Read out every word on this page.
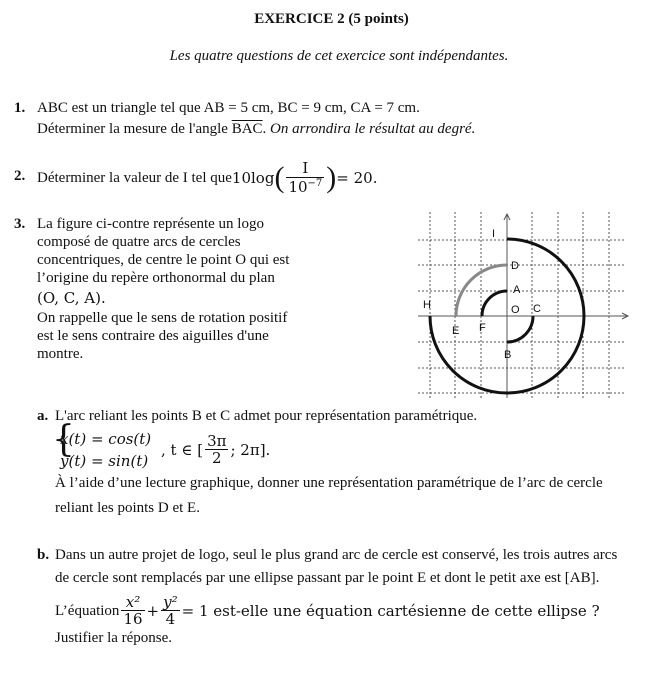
EXERCICE 2 (5 points)
Les quatre questions de cet exercice sont indépendantes.
1. ABC est un triangle tel que AB = 5 cm, BC = 9 cm, CA = 7 cm.
Déterminer la mesure de l'angle $\overline{BAC}$. On arrondira le résultat au degré.
2. Déterminer la valeur de I tel que 10log ( $\frac{I}{10^{-7}}$ ) = 20.
3. La figure ci-contre représente un logo
composé de quatre arcs de cercles
concentriques, de centre le point O qui est
l’origine du repère orthonormal du plan
(O, C, A).
On rappelle que le sens de rotation positif
est le sens contraire des aiguilles d'une
montre.
I
D
A
O C
H
E F
B
a. L'arc reliant les points B et C admet pour représentation paramétrique.
{
x(t) = cos(t)
y(t) = sin(t)
, t ∈ [ $\frac{3\pi}{2}$ ; 2π].
À l’aide d’une lecture graphique, donner une représentation paramétrique de l’arc de cercle
reliant les points D et E.
b. Dans un autre projet de logo, seul le plus grand arc de cercle est conservé, les trois autres arcs
de cercle sont remplacés par une ellipse passant par le point E et dont le petit axe est [AB].
L’équation $\frac{\text{x²}}{16} + \frac{\text{y²}}{4} = 1$ est-elle une équation cartésienne de cette ellipse ?
Justifier la réponse.
